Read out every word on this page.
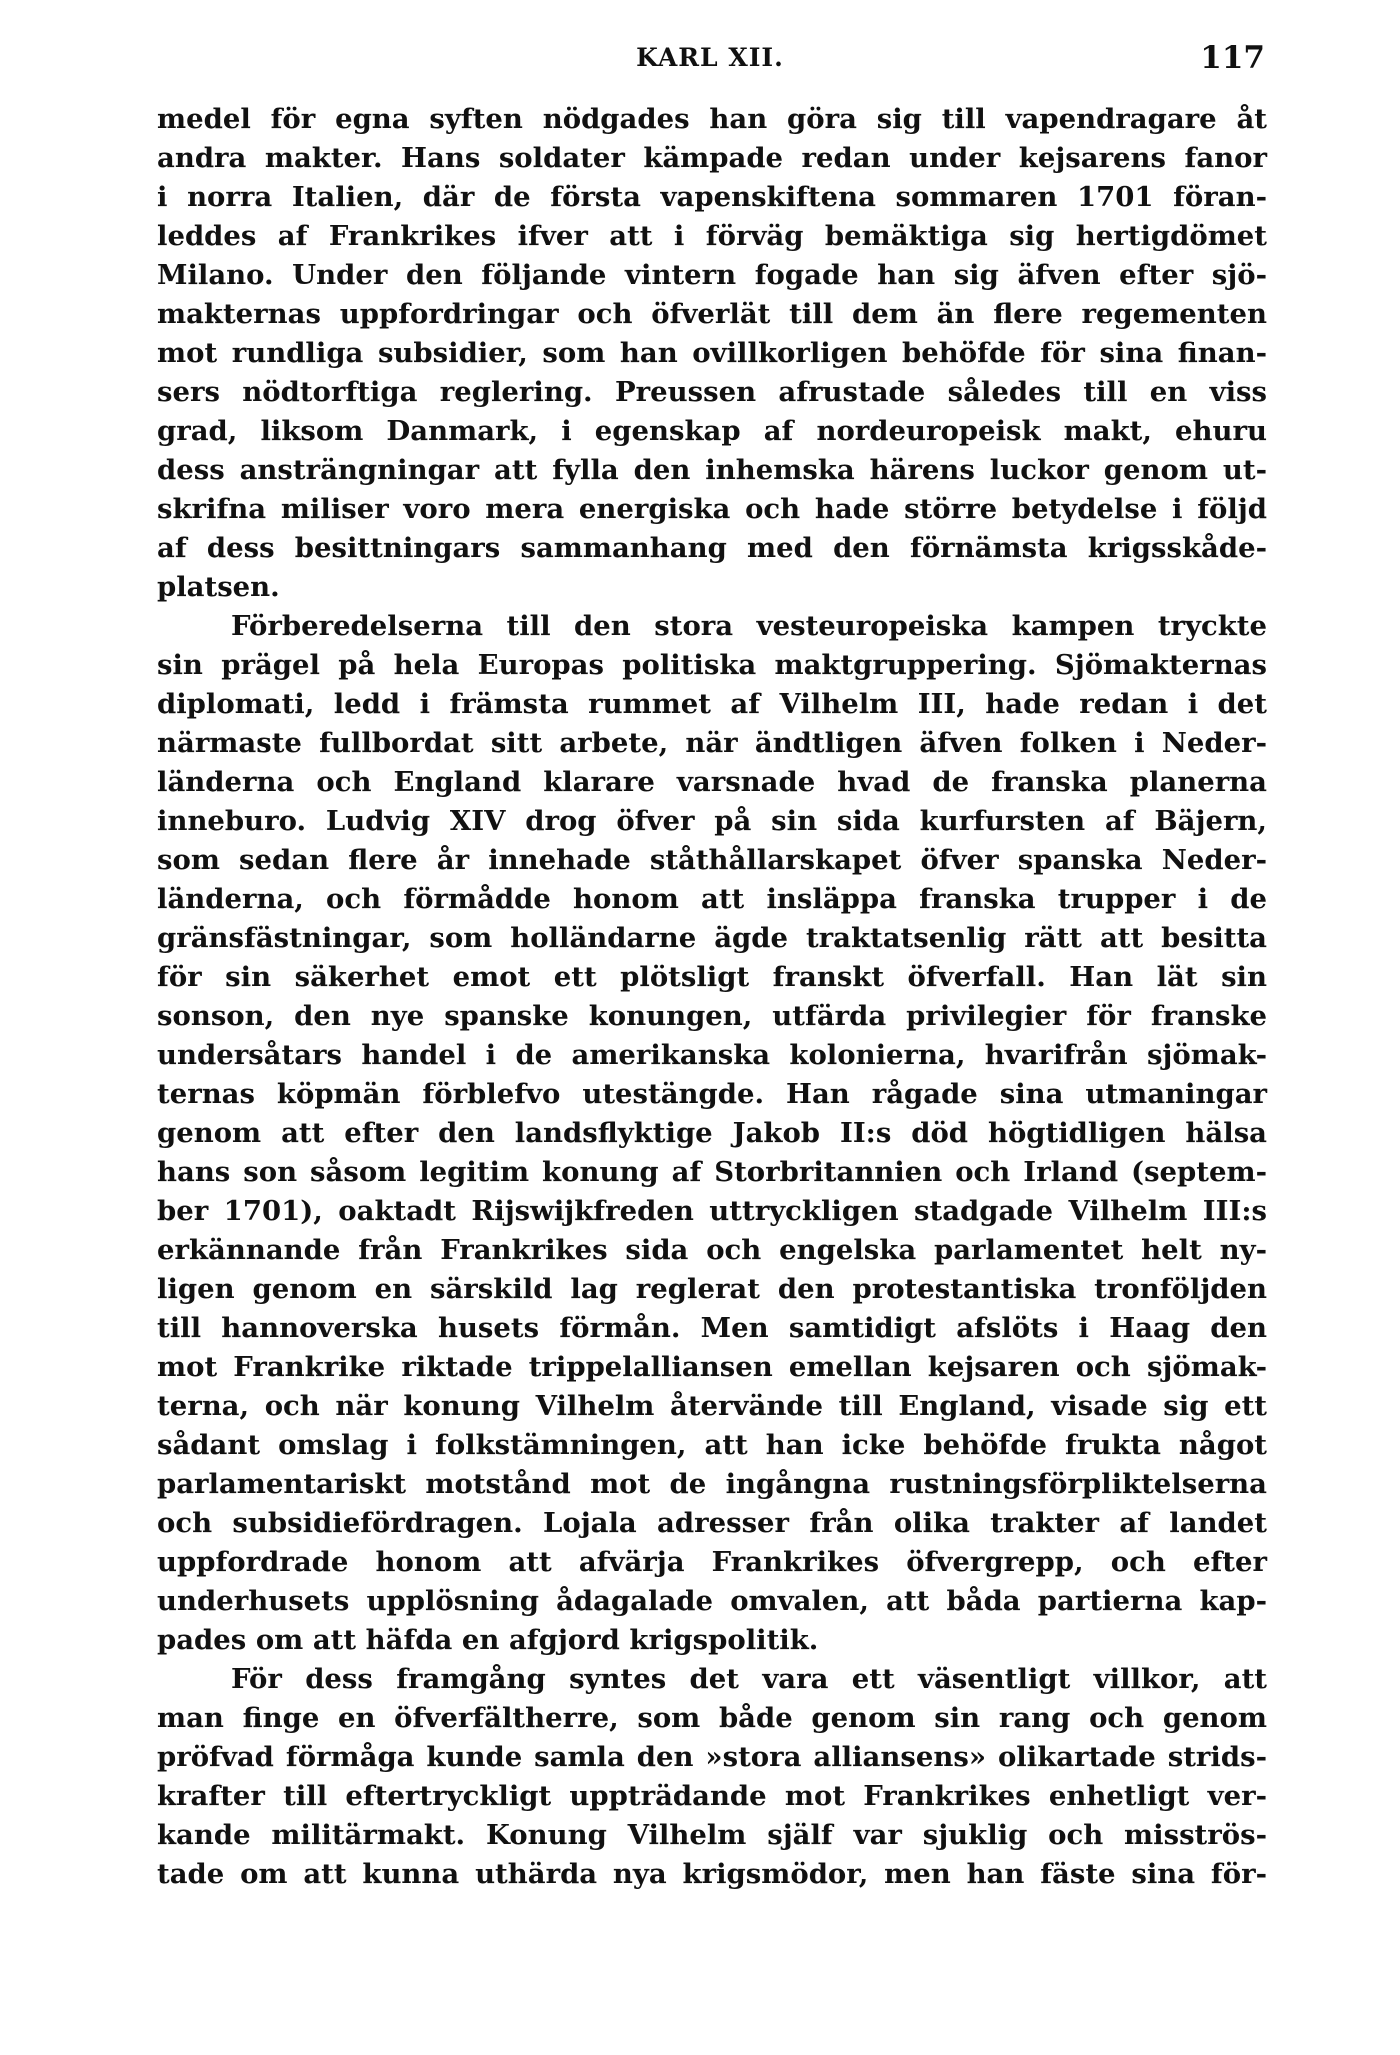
KARL XII.	117
medel för egna syften nödgades han göra sig till vapendragare åt
andra makter. Hans soldater kämpade redan under kejsarens fanor
i norra Italien, där de första vapenskiftena sommaren 1701 föran-
leddes af Frankrikes ifver att i förväg bemäktiga sig hertigdömet
Milano. Under den följande vintern fogade han sig äfven efter sjö-
makternas uppfordringar och öfverlät till dem än flere regementen
mot rundliga subsidier, som han ovillkorligen behöfde för sina finan-
sers nödtorftiga reglering. Preussen afrustade således till en viss
grad, liksom Danmark, i egenskap af nordeuropeisk makt, ehuru
dess ansträngningar att fylla den inhemska härens luckor genom ut-
skrifna miliser voro mera energiska och hade större betydelse i följd
af dess besittningars sammanhang med den förnämsta krigsskåde-
platsen.
Förberedelserna till den stora vesteuropeiska kampen tryckte
sin prägel på hela Europas politiska maktgruppering. Sjömakternas
diplomati, ledd i främsta rummet af Vilhelm III, hade redan i det
närmaste fullbordat sitt arbete, när ändtligen äfven folken i Neder-
länderna och England klarare varsnade hvad de franska planerna
inneburo. Ludvig XIV drog öfver på sin sida kurfursten af Bäjern,
som sedan flere år innehade ståthållarskapet öfver spanska Neder-
länderna, och förmådde honom att insläppa franska trupper i de
gränsfästningar, som holländarne ägde traktatsenlig rätt att besitta
för sin säkerhet emot ett plötsligt franskt öfverfall. Han lät sin
sonson, den nye spanske konungen, utfärda privilegier för franske
undersåtars handel i de amerikanska kolonierna, hvarifrån sjömak-
ternas köpmän förblefvo utestängde. Han rågade sina utmaningar
genom att efter den landsflyktige Jakob II:s död högtidligen hälsa
hans son såsom legitim konung af Storbritannien och Irland (septem-
ber 1701), oaktadt Rijswijkfreden uttryckligen stadgade Vilhelm III:s
erkännande från Frankrikes sida och engelska parlamentet helt ny-
ligen genom en särskild lag reglerat den protestantiska tronföljden
till hannoverska husets förmån. Men samtidigt afslöts i Haag den
mot Frankrike riktade trippelalliansen emellan kejsaren och sjömak-
terna, och när konung Vilhelm återvände till England, visade sig ett
sådant omslag i folkstämningen, att han icke behöfde frukta något
parlamentariskt motstånd mot de ingångna rustningsförpliktelserna
och subsidiefördragen. Lojala adresser från olika trakter af landet
uppfordrade honom att afvärja Frankrikes öfvergrepp, och efter
underhusets upplösning ådagalade omvalen, att båda partierna kap-
pades om att häfda en afgjord krigspolitik.
För dess framgång syntes det vara ett väsentligt villkor, att
man finge en öfverfältherre, som både genom sin rang och genom
pröfvad förmåga kunde samla den »stora alliansens» olikartade strids-
krafter till eftertryckligt uppträdande mot Frankrikes enhetligt ver-
kande militärmakt. Konung Vilhelm själf var sjuklig och misströs-
tade om att kunna uthärda nya krigsmödor, men han fäste sina för-
